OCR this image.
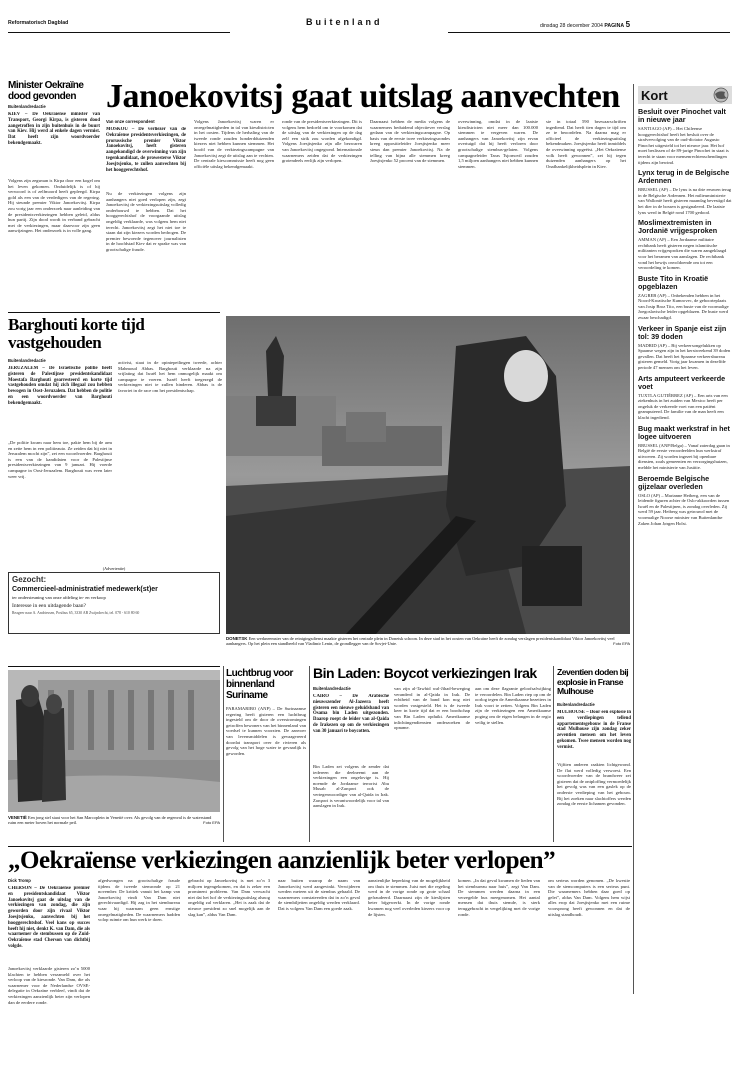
Reformatorisch Dagblad	Buitenland	dinsdag 28 december 2004 PAGINA 5
Minister Oekraïne dood gevonden
Buitenlandredactie
KIEV – De Oekraïense minister van Transport, Georgi Kirpa, is gisteren dood aangetroffen in zijn buitenhuis in de buurt van Kiev. Hij werd al enkele dagen vermist. Dat heeft zijn woordvoerder bekendgemaakt.
Volgens zijn zegsman is Kirpa door een kogel om het leven gekomen. Onduidelijk is of hij verwoord is of zelfmoord heeft gepleegd. Kirpa gold als een van de verdedigers van de regering. Hij steunde premier Viktor Janoekovitsj. Kirpa zou vorig jaar een onderzoek naar aanleiding van de presidentsverkiezingen hebben geleid, aldus hun partij. Zijn dood wordt in verband gebracht met de verkiezingen, maar daarvoor zijn geen aanwijzingen. Het onderzoek is in volle gang.
Janoekovitsj gaat uitslag aanvechten
Van onze correspondent
MOSKOU – De verliezer van de Oekraïense presidentsverkiezingen, de prorussische premier Viktor Janoekovitsj, heeft gisteren aangekondigd de overwinning van zijn tegenkandidaat, de prowesterse Viktor Joesjtsjenko, te zullen aanvechten bij het hooggerechtshof.
Nu de verkiezingen volgens zijn aanhangers niet goed verlopen zijn, zegt Janoekovitsj de verkiezingsuitslag volledig onderbouwd te hebben. Dat het hooggerechtshof de voorgaande uitslag ongeldig verklaarde, was volgens hem niet terecht. Janoekovitsj zegt het niet toe te staan dat zijn kiezers worden bedrogen. De premier bewoerde tegenover journalisten in de hoofdstad Kiev dat er sprake was van grootschalige fraude.
Volgens Janoekovitsj waren er onregelmatigheden in tal van kiesdistricten in het oosten. Tijdens de herhaling van de tweede ronde zouden honderdduizenden kiezers niet hebben kunnen stemmen. Het hoofd van de verkiezingscampagne van Janoekovitsj zegt de uitslag aan te vechten. De centrale kiescommissie heeft nog geen officiële uitslag bekendgemaakt.
ronde van de presidentsverkiezingen. Dit is volgens hem bedoeld om te voorkomen dat de uitslag van de verkiezingen op de dag zelf een strik zou worden afgekondigd. Volgens Joesjtsjenko zijn alle bezwaren van Janoekovitsj ongegrond. Internationale waarnemers zeiden dat de verkiezingen grotendeels eerlijk zijn verlopen.
Daarnaast hebben de media volgens de waarnemers beduidend objectiever verslag gedaan van de verkiezingscampagne. Op basis van de eerste twee verkiezingsrondes kreeg oppositieleider Joesjtsjenko meer steun dan premier Janoekovitsj. Na de telling van bijna alle stemmen kreeg Joesjtsjenko 52 procent van de stemmen.
overwinning, omdat in de laatste kiesdistricten niet meer dan 100.000 stemmen te vergeven waren. De aanhangers van Janoekovitsj zijn ervan overtuigd dat hij heeft verloren door grootschalige stembus-gelaten. Volgens campagneleider Taras Tsjornovil zouden 1,5 miljoen aanhangers niet hebben kunnen stemmen.
sie in totaal 590 bezwaarschriften ingediend. Dat heeft tien dagen te tijd om ze te beoordelen. Na daarna mag er officieel de verkiezingsuitslag bekendmaken. Joesjtsjenko heeft inmiddels de overwinning opgeëist. „Het Oekraïense volk heeft gewonnen”, zei hij tegen duizenden aanhangers op het Onafhankelijkheidsplein in Kiev.
Kort
Besluit over Pinochet valt in nieuwe jaar
SANTIAGO (AP) – Het Chileense hooggerechtshof heeft het besluit over de strafvervolging van de oud-dictator Augusto Pinochet uitgesteld tot het nieuwe jaar. Het hof moet beslissen of de 89-jarige Pinochet in staat is terecht te staan voor mensenrechtenschendingen tijdens zijn bewind.
Lynx terug in de Belgische Ardennen
BRUSSEL (AP) – De lynx is na drie eeuwen terug in de Belgische Ardennen. Het milieuministerie van Wallonië heeft gisteren maandag bevestigd dat het dier in de bossen is gesignaleerd. De laatste lynx werd in België rond 1700 gedood.
Moslimextremisten in Jordanië vrijgesproken
AMMAN (AP) – Een Jordaanse militaire rechtbank heeft gisteren negen islamitische militanten vrijgesproken die waren aangeklaagd voor het beramen van aanslagen. De rechtbank vond het bewijs onvoldoende om tot een veroordeling te komen.
Buste Tito in Kroatië opgeblazen
ZAGREB (AP) – Onbekenden hebben in het Noord-Kroatische Kumrovec, de geboorteplaats van Josip Broz Tito, een buste van de voormalige Joegoslavische leider opgeblazen. De buste werd zwaar beschadigd.
Verkeer in Spanje eist zijn tol: 39 doden
MADRID (AP) – Bij verkeersongelukken op Spaanse wegen zijn in het kerstweekend 39 doden gevallen. Dat heeft het Spaanse verkeersbureau gisteren gemeld. Vorig jaar kwamen in dezelfde periode 47 mensen om het leven.
Arts amputeert verkeerde voet
TUXTLA GUTIÉRREZ (AP) – Een arts van een ziekenhuis in het zuiden van Mexico heeft per ongeluk de verkeerde voet van een patiënt geamputeerd. De familie van de man heeft een klacht ingediend.
Bug maakt werkstraf in het logee uitvoeren
BRUSSEL (ANP/Belga) – Vanaf zaterdag gaan in België de eerste veroordeelden hun werkstraf uitvoeren. Zij worden ingezet bij openbare diensten, zoals gemeenten en verzorgingshuizen, meldde het ministerie van Justitie.
Beroemde Belgische gijzelaar overleden
OSLO (AP) – Marianne Heiberg, een van de leidende figuren achter de Oslo-akkoorden tussen Israël en de Palestijnen, is zondag overleden. Zij werd 59 jaar. Heiberg was getrouwd met de voormalige Noorse minister van Buitenlandse Zaken Johan Jørgen Holst.
Barghouti korte tijd vastgehouden
Buitenlandredactie
JERUZALEM – De Israëlische politie heeft gisteren de Palestijnse presidentskandidaat Moestafa Barghouti gearresteerd en korte tijd vastgehouden omdat hij zich illegaal zou hebben bewogen in Oost-Jeruzalem. Dat hebben de politie en een woordvoerder van Barghouti bekendgemaakt.
„De politie kwam naar hem toe, pakte hem bij de arm en zette hem in een politieauto. Ze zeiden dat hij niet in Jeruzalem mocht zijn”, zei een woordvoerder. Barghouti is een van de kandidaten voor de Palestijnse presidentsverkiezingen van 9 januari. Hij voerde campagne in Oost-Jeruzalem. Barghouti was even later weer vrij.
activist, staat in de opiniepeilingen tweede, achter Mahmoud Abbas. Barghouti verklaarde na zijn vrijlating dat Israël het hem onmogelijk maakt om campagne te voeren. Israël heeft toegezegd de verkiezingen niet te zullen hinderen. Abbas is de favoriet in de race om het presidentschap.
DONETSK Een werkneemster van de reinigingsdienst maakte gisteren het centrale plein in Donetsk schoon. In deze stad in het oosten van Oekraïne heeft de zondag verslagen presidentskandidaat Viktor Janoekovitsj veel aanhangers. Op het plein een standbeeld van Vladimir Lenin, de grondlegger van de Sovjet-Unie.	Foto EPA
(Advertentie)
Gezocht:
Commercieel-administratief medewerk(st)er
ter ondersteuning van onze afdeling in- en verkoop
Interesse in een uitdagende baan?
Reageer naar A. Andriessen, Postbus 65, 3330 AB Zwijndrecht, tel. 078 - 610 80 60
VENETIË Een jong stel staat voor het San Marcoplein in Venetië over. Als gevolg van de regenval is de waterstand ruim een meter boven het normale peil.	Foto EPA
Luchtbrug voor binnenland Suriname
PARAMARIBO (ANP) – De Surinaamse regering heeft gisteren een luchtbrug ingesteld om de door de overstromingen getroffen bewoners van het binnenland van voedsel te kunnen voorzien. De aanvoer van levensmiddelen is gevaagereerd doordat transport over de rivieren als gevolg van het hoge water te gevaarlijk is geworden.
Bin Laden: Boycot verkiezingen Irak
Buitenlandredactie
CAÏRO – De Arabische nieuwszender Al-Jazeera heeft gisteren een nieuwe geluidsband van Osama bin Laden uitgezonden. Daarop roept de leider van al-Qaida de Irakezen op om de verkiezingen van 30 januari te boycotten.
Bin Laden zei volgens de zender dat iedereen die deelneemt aan de verkiezingen een ongelovige is. Hij noemde de Jordaanse terrorist Abu Musab al-Zarqawi ook de vertegenwoordiger van al-Qaida in Irak. Zarqawi is verantwoordelijk voor tal van aanslagen in Irak.
van zijn al-Tawhid wal-Jihad-beweging veranderd in al-Qaida in Irak. De echtheid van de band kon nog niet worden vastgesteld. Het is de tweede keer in korte tijd dat er een boodschap van Bin Laden opduikt. Amerikaanse inlichtingendiensten onderzoeken de opname.
aan om deze flagrante geloofsafwijking te veroordelen. Bin Laden riep op om de oorlog tegen de Amerikaanse bezetters in Irak voort te zetten. Volgens Bin Laden zijn de verkiezingen een Amerikaanse poging om de eigen belangen in de regio veilig te stellen.
Zeventien doden bij explosie in Franse Mulhouse
Buitenlandredactie
MULHOUSE – Door een explosie in een verdiepingen tellend appartementsgebouw in de Franse stad Mulhouse zijn zondag zeker zeventien mensen om het leven gekomen. Twee mensen worden nog vermist.
Vijftien anderen raakten lichtgewond. De flat werd volledig verwoest. Een woordvoerder van de brandweer zei gisteren dat de ontploffing vermoedelijk het gevolg was van een gaslek op de onderste verdieping van het gebouw. Bij het zoeken naar slachtoffers werden zondag de eerste lichamen gevonden.
„Oekraïense verkiezingen aanzienlijk beter verlopen”
Dick Tromp
CHERSON – De Oekraïense premier en presidentskandidaat Viktor Janoekovitsj gaat de uitslag van de verkiezingen van zondag, die zijn geworden door zijn rivaal Viktor Joesjtsjenko, aanvechten bij het hooggerechtshof. Veel kans op succes heeft hij niet, denkt K. van Dam, die als waarnemer de stembussen op de Zuid-Oekraïense stad Cherson van dichtbij volgde.
Janoekovitsj verklaarde gisteren zo’n 5000 klachten te hebben verzameld over het verloop van de kiesronde. Van Dam, die als waarnemer voor de Nederlandse OVSE-delegatie in Oekraïne verbleef, vindt dat de verkiezingen aanzienlijk beter zijn verlopen dan de eerdere ronde.
afgedwongen na grootschalige fraude tijdens de tweede stemronde op 21 november. De kritiek vanuit het kamp van Janoekovitsj vindt Van Dam niet gerechtvaardigd. Hij zag in het stembureau waar hij waarnam geen ernstige onregelmatigheden. De waarnemers hadden volop ruimte om hun werk te doen.
gebracht op Janoekovitsj is met zo’n 3 miljoen tegengekomen, en dat is zeker een prominent probleem. Van Dam verwacht niet dat het hof de verkiezingsuitslag alsnog ongeldig zal verklaren. „Het is zaak dat de nieuwe president zo snel mogelijk aan de slag kan”, aldus Van Dam.
naar buiten waarop de naam van Janoekovitsj werd aangevinkt. Verwijderen werden meteen uit de stembus gehaald. De waarnemers constateerden dat in zo’n geval de stembiljetten ongeldig werden verklaard. Dat is volgens Van Dam een goede zaak.
aanzienlijke beperking van de mogelijkheid om thuis te stemmen. Juist met die regeling werd in de vorige ronde op grote schaal gefraudeerd. Daarnaast zijn de kieslijsten beter bijgewerkt. In de vorige ronde kwamen nog veel overleden kiezers voor op de lijsten.
komen. „In dat geval kwamen de lieden van het stembureau naar huis”, zegt Van Dam. De stemmen werden daarna in een verzegelde bus meegenomen. Het aantal mensen dat thuis stemde, is sterk teruggebracht in vergelijking met de vorige ronde.
om serieus worden genomen. „De kwestie van de stemcomputers is een serieus punt. Die waarnemers hebben daar goed op gelet”, aldus Van Dam. Volgens hem wijst alles erop dat Joesjtsjenko met een ruime voorsprong heeft gewonnen en dat de uitslag standhoudt.
